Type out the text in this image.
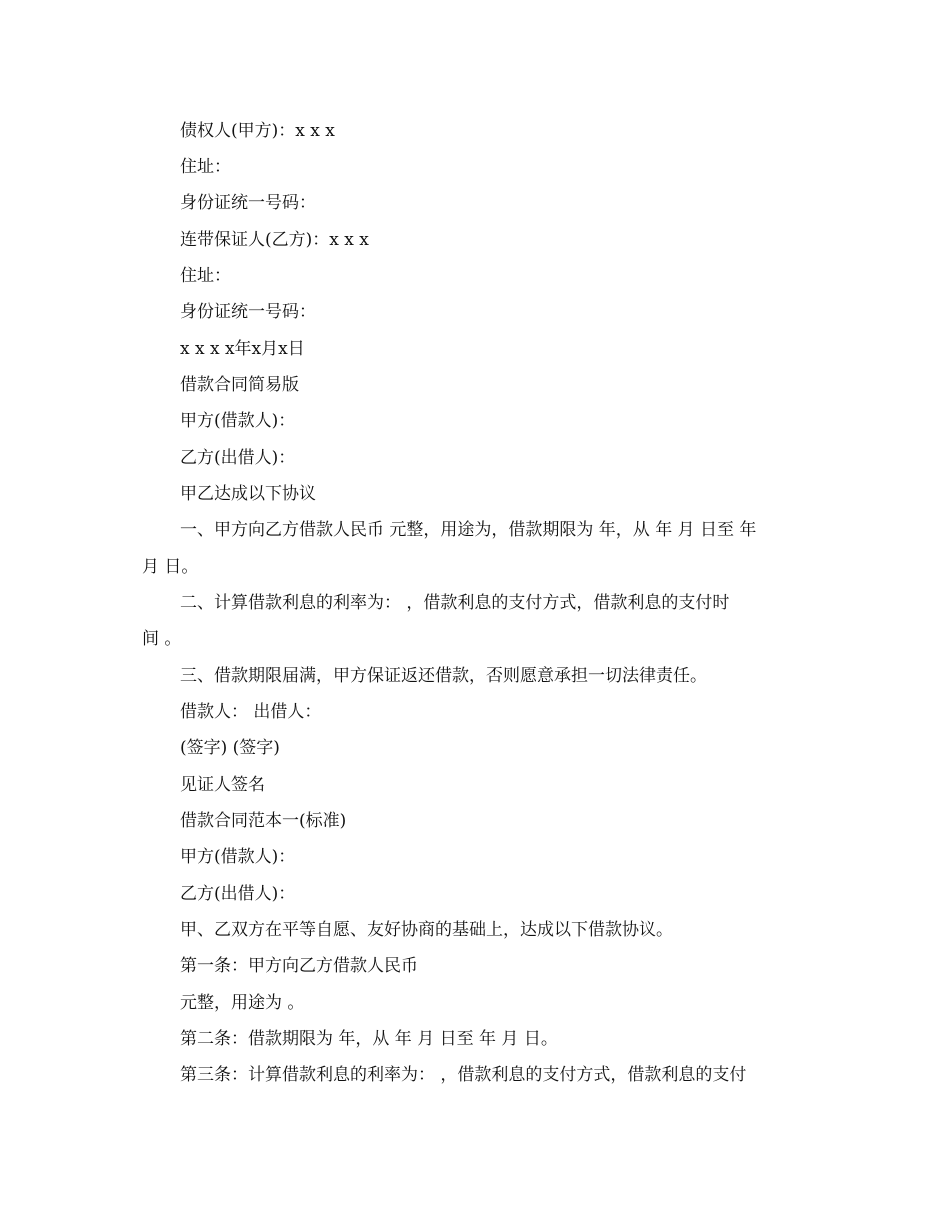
债权人(甲方)：x x x
住址：
身份证统一号码：
连带保证人(乙方)：x x x
住址：
身份证统一号码：
x x x x年x月x日
借款合同简易版
甲方(借款人)：
乙方(出借人)：
甲乙达成以下协议
一、甲方向乙方借款人民币 元整，用途为，借款期限为 年，从 年 月 日至 年
月 日。
二、计算借款利息的利率为： ，借款利息的支付方式，借款利息的支付时
间 。
三、借款期限届满，甲方保证返还借款，否则愿意承担一切法律责任。
借款人： 出借人：
(签字) (签字)
见证人签名
借款合同范本一(标准)
甲方(借款人)：
乙方(出借人)：
甲、乙双方在平等自愿、友好协商的基础上，达成以下借款协议。
第一条：甲方向乙方借款人民币
元整，用途为 。
第二条：借款期限为 年，从 年 月 日至 年 月 日。
第三条：计算借款利息的利率为： ，借款利息的支付方式，借款利息的支付
